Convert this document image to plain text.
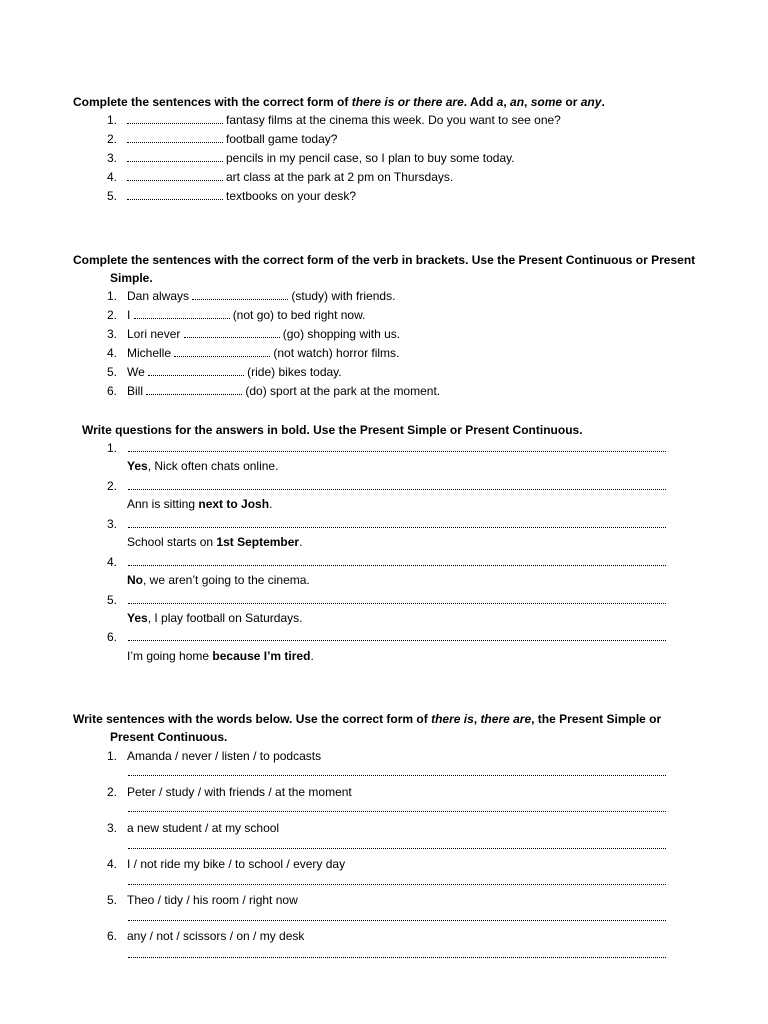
Complete the sentences with the correct form of there is or there are. Add a, an, some or any.
1.	fantasy films at the cinema this week. Do you want to see one?
2.	football game today?
3.	pencils in my pencil case, so I plan to buy some today.
4.	art class at the park at 2 pm on Thursdays.
5.	textbooks on your desk?
Complete the sentences with the correct form of the verb in brackets. Use the Present Continuous or Present
Simple.
1. Dan always	(study) with friends.
2. I	(not go) to bed right now.
3. Lori never	(go) shopping with us.
4. Michelle	(not watch) horror films.
5. We	(ride) bikes today.
6. Bill	(do) sport at the park at the moment.
Write questions for the answers in bold. Use the Present Simple or Present Continuous.
1.
Yes, Nick often chats online.
2.
Ann is sitting next to Josh.
3.
School starts on 1st September.
4.
No, we aren’t going to the cinema.
5.
Yes, I play football on Saturdays.
6.
I’m going home because I’m tired.
Write sentences with the words below. Use the correct form of there is, there are, the Present Simple or
Present Continuous.
1. Amanda / never / listen / to podcasts
2. Peter / study / with friends / at the moment
3. a new student / at my school
4. I / not ride my bike / to school / every day
5. Theo / tidy / his room / right now
6. any / not / scissors / on / my desk
